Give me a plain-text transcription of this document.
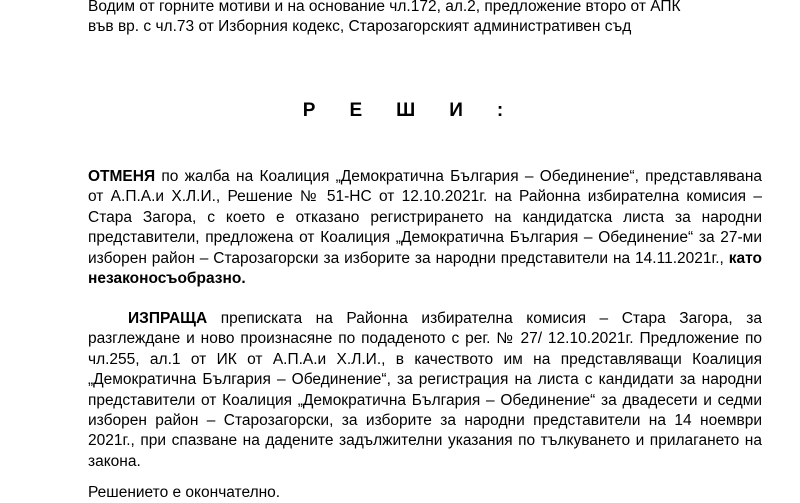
Водим от горните мотиви и на основание чл.172, ал.2, предложение второ от АПК
във вр. с чл.73 от Изборния кодекс, Старозагорският административен съд
РЕШИ:
ОТМЕНЯ по жалба на Коалиция „Демократична България – Обединение“, представлявана от А.П.А.и Х.Л.И., Решение № 51-НС от 12.10.2021г. на Районна избирателна комисия – Стара Загора, с което е отказано регистрирането на кандидатска листа за народни представители, предложена от Коалиция „Демократична България – Обединение“ за 27-ми изборен район – Старозагорски за изборите за народни представители на 14.11.2021г., като незаконосъобразно.
ИЗПРАЩА преписката на Районна избирателна комисия – Стара Загора, за разглеждане и ново произнасяне по подаденото с рег. № 27/ 12.10.2021г. Предложение по чл.255, ал.1 от ИК от А.П.А.и Х.Л.И., в качеството им на представляващи Коалиция „Демократична България – Обединение“, за регистрация на листа с кандидати за народни представители от Коалиция „Демократична България – Обединение“ за двадесети и седми изборен район – Старозагорски, за изборите за народни представители на 14 ноември 2021г., при спазване на дадените задължителни указания по тълкуването и прилагането на закона.
Решението е окончателно.
